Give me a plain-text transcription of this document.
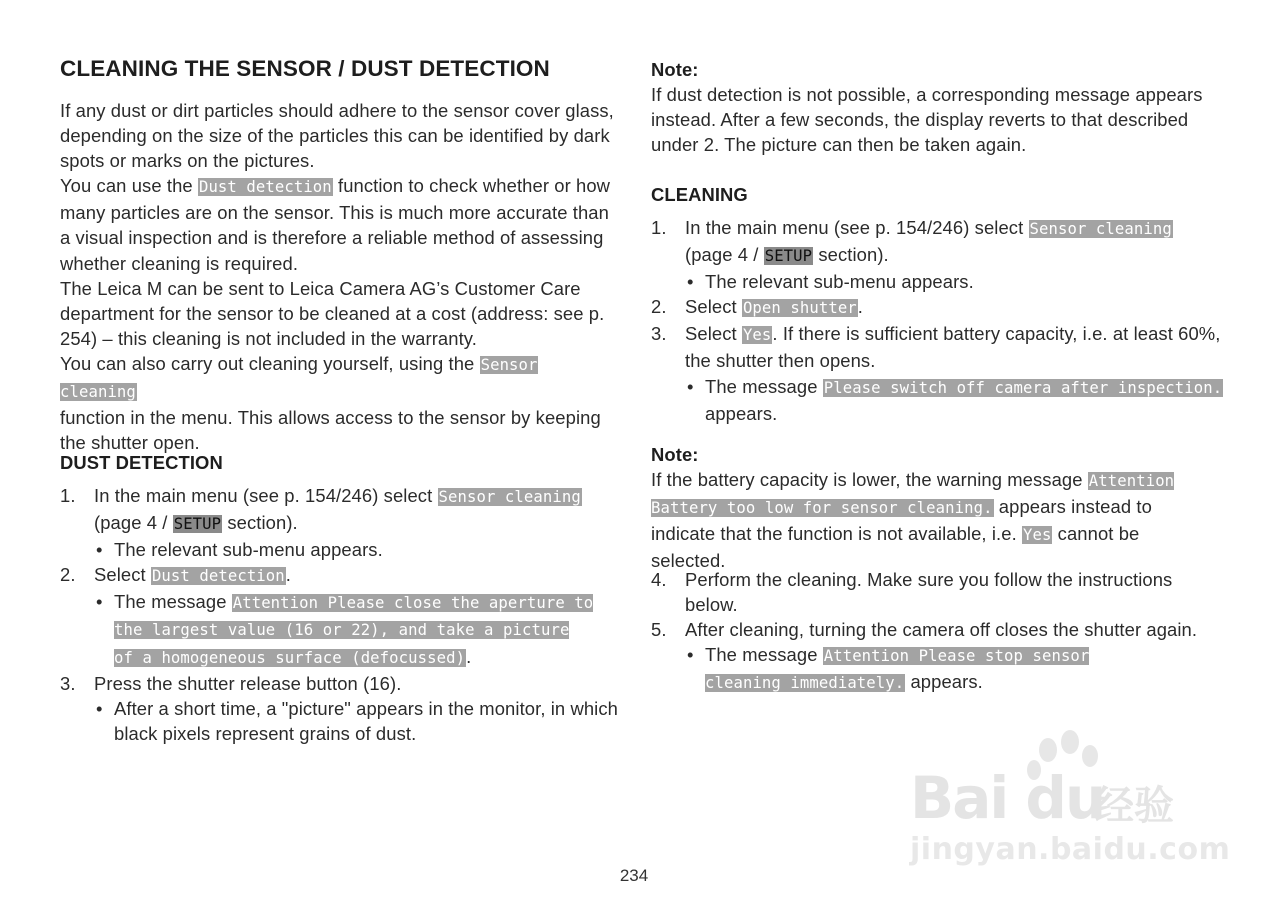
CLEANING THE SENSOR / DUST DETECTION
If any dust or dirt particles should adhere to the sensor cover glass, depending on the size of the particles this can be identified by dark spots or marks on the pictures.
You can use the Dust detection function to check whether or how many particles are on the sensor. This is much more accurate than a visual inspection and is therefore a reliable method of assessing whether cleaning is required.
The Leica M can be sent to Leica Camera AG’s Customer Care department for the sensor to be cleaned at a cost (address: see p. 254) – this cleaning is not included in the warranty.
You can also carry out cleaning yourself, using the Sensor cleaning
function in the menu. This allows access to the sensor by keeping the shutter open.
DUST DETECTION
1. In the main menu (see p. 154/246) select Sensor cleaning
(page 4 / SETUP section).
• The relevant sub-menu appears.
2. Select Dust detection.
• The message Attention Please close the aperture to the largest value (16 or 22), and take a picture of a homogeneous surface (defocussed).
3. Press the shutter release button (16).
• After a short time, a "picture" appears in the monitor, in which black pixels represent grains of dust.
Note:
If dust detection is not possible, a corresponding message appears instead. After a few seconds, the display reverts to that described under 2. The picture can then be taken again.
CLEANING
1. In the main menu (see p. 154/246) select Sensor cleaning
(page 4 / SETUP section).
• The relevant sub-menu appears.
2. Select Open shutter.
3. Select Yes. If there is sufficient battery capacity, i.e. at least 60%, the shutter then opens.
• The message Please switch off camera after inspection.
appears.
Note:
If the battery capacity is lower, the warning message Attention Battery too low for sensor cleaning. appears instead to indicate that the function is not available, i.e. Yes cannot be selected.
4. Perform the cleaning. Make sure you follow the instructions below.
5. After cleaning, turning the camera off closes the shutter again.
• The message Attention Please stop sensor cleaning immediately. appears.
Bai du
经验
jingyan.baidu.com
234
